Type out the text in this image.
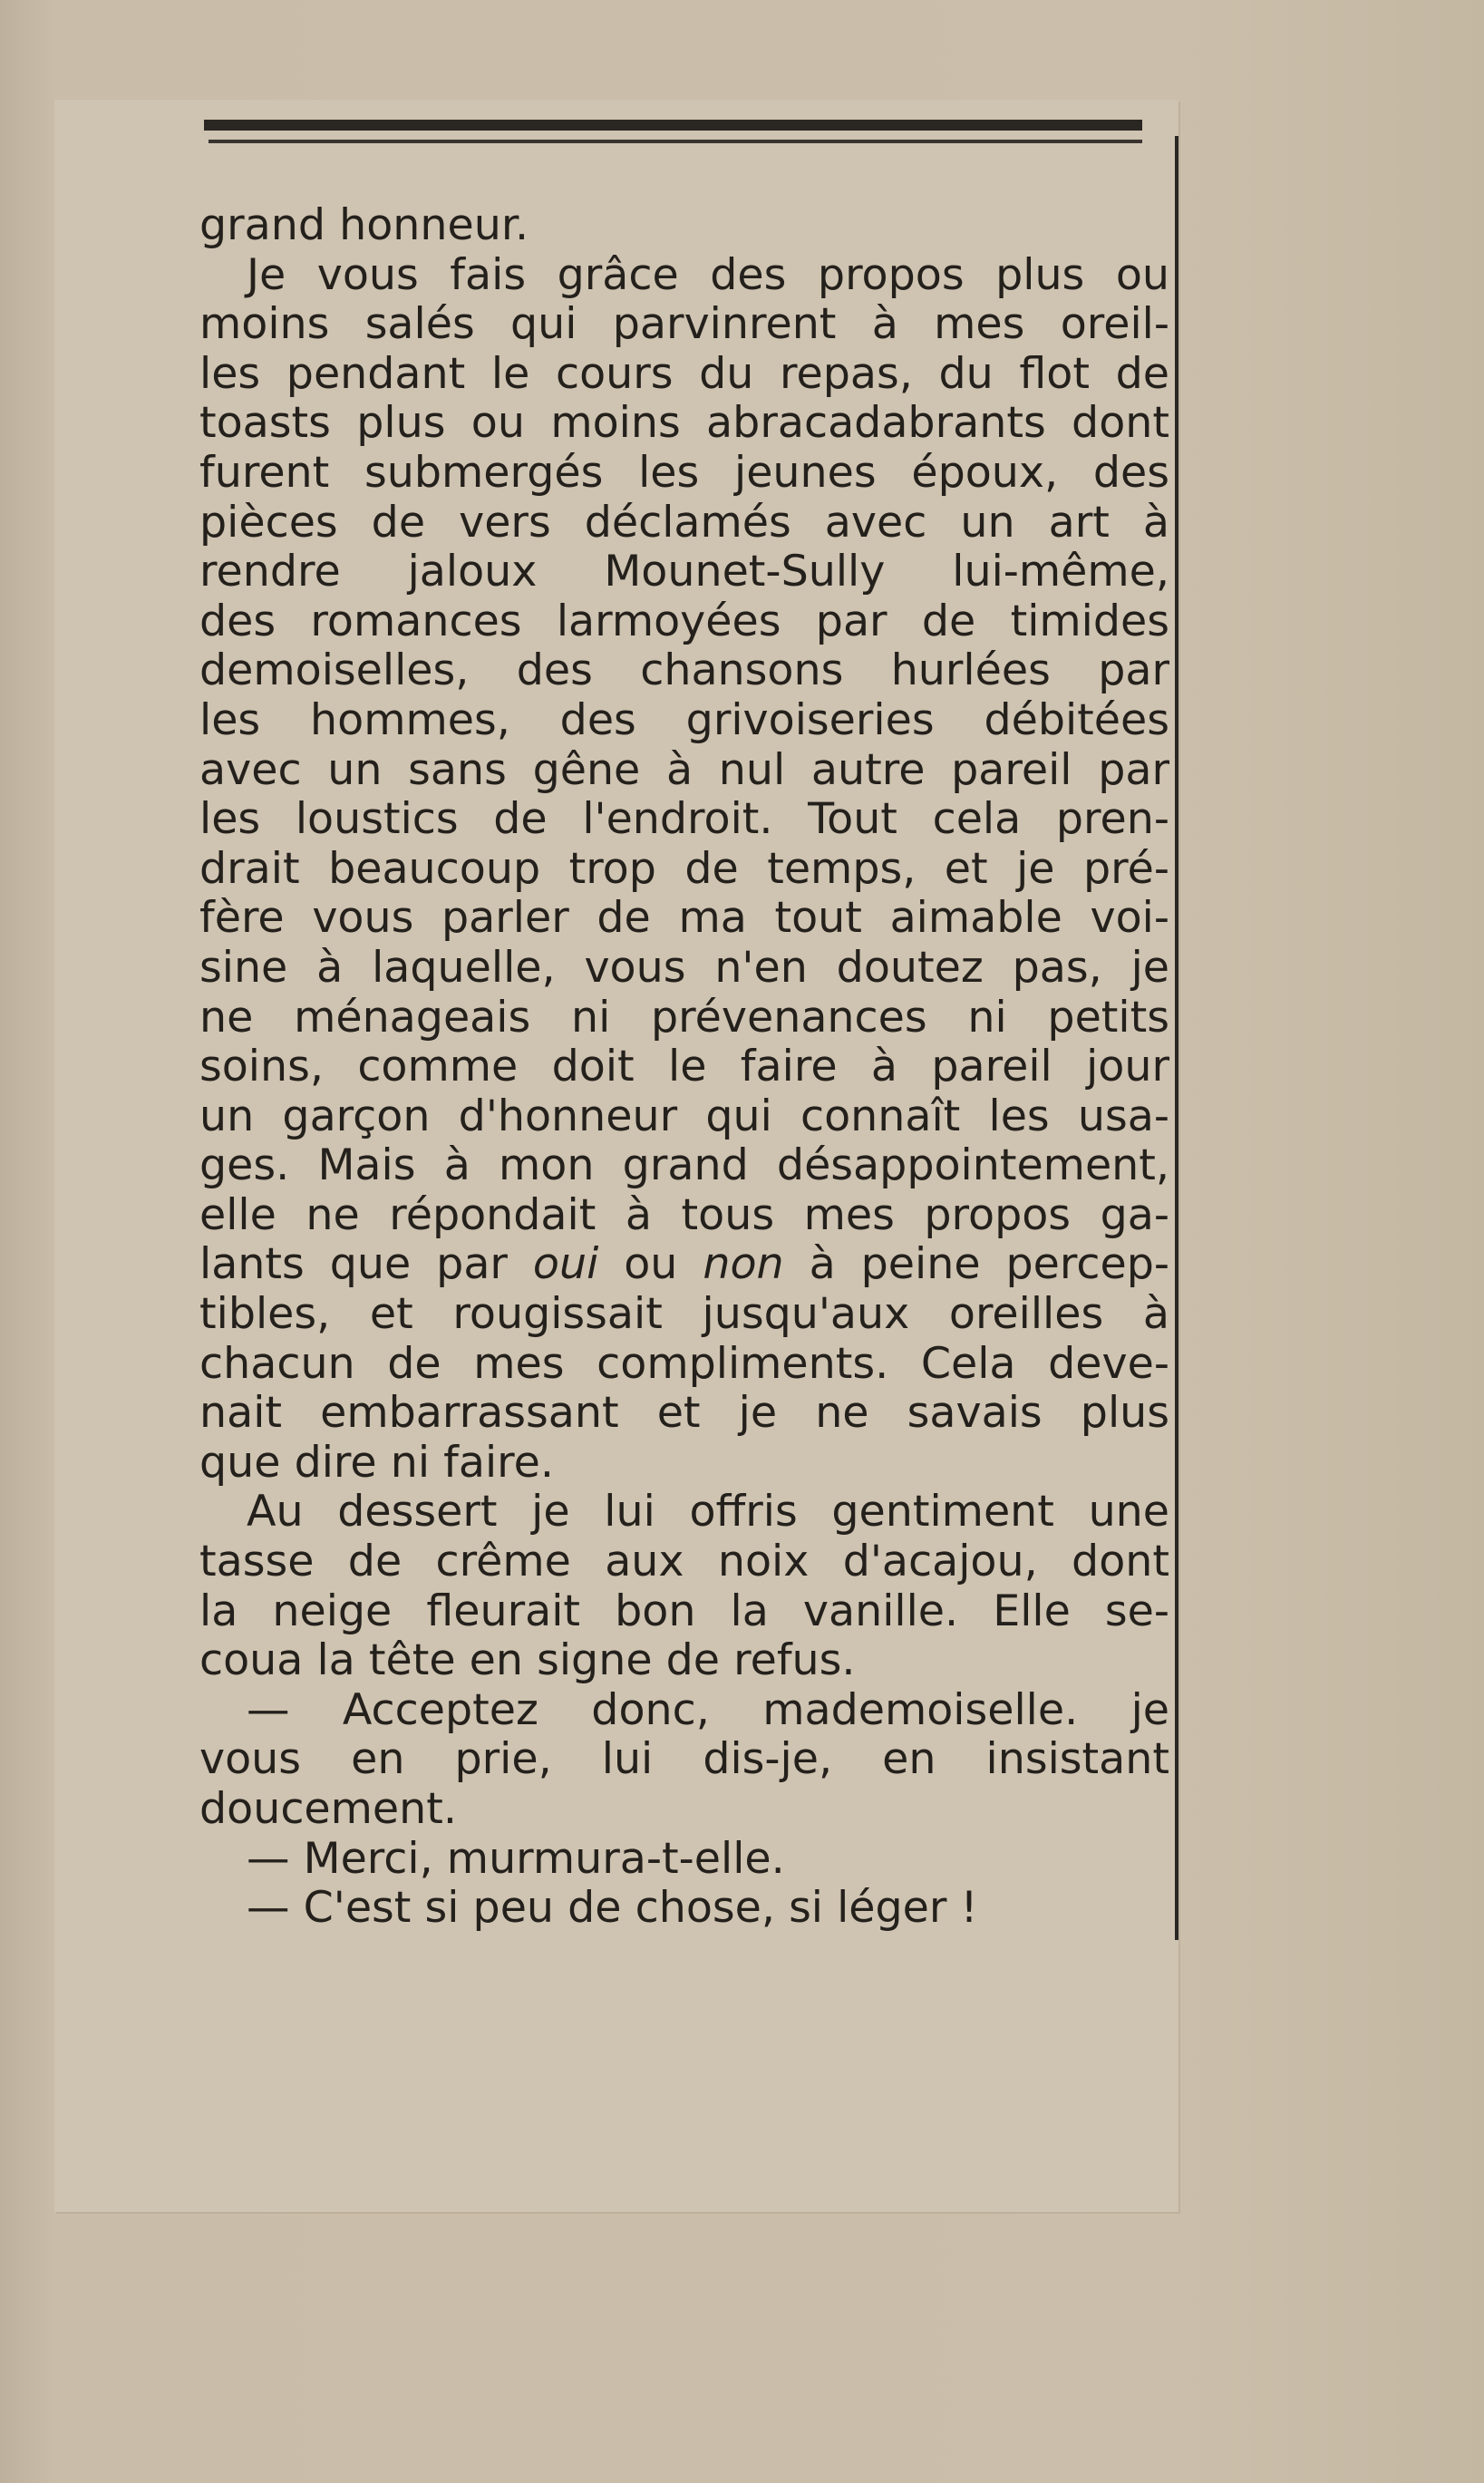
grand honneur.
Je vous fais grâce des propos plus ou
moins salés qui parvinrent à mes oreil-
les pendant le cours du repas, du flot de
toasts plus ou moins abracadabrants dont
furent submergés les jeunes époux, des
pièces de vers déclamés avec un art à
rendre jaloux Mounet-Sully lui-même,
des romances larmoyées par de timides
demoiselles, des chansons hurlées par
les hommes, des grivoiseries débitées
avec un sans gêne à nul autre pareil par
les loustics de l'endroit. Tout cela pren-
drait beaucoup trop de temps, et je pré-
fère vous parler de ma tout aimable voi-
sine à laquelle, vous n'en doutez pas, je
ne ménageais ni prévenances ni petits
soins, comme doit le faire à pareil jour
un garçon d'honneur qui connaît les usa-
ges. Mais à mon grand désappointement,
elle ne répondait à tous mes propos ga-
lants que par oui ou non à peine percep-
tibles, et rougissait jusqu'aux oreilles à
chacun de mes compliments. Cela deve-
nait embarrassant et je ne savais plus
que dire ni faire.
Au dessert je lui offris gentiment une
tasse de crême aux noix d'acajou, dont
la neige fleurait bon la vanille. Elle se-
coua la tête en signe de refus.
— Acceptez donc, mademoiselle. je
vous en prie, lui dis-je, en insistant
doucement.
— Merci, murmura-t-elle.
— C'est si peu de chose, si léger !
